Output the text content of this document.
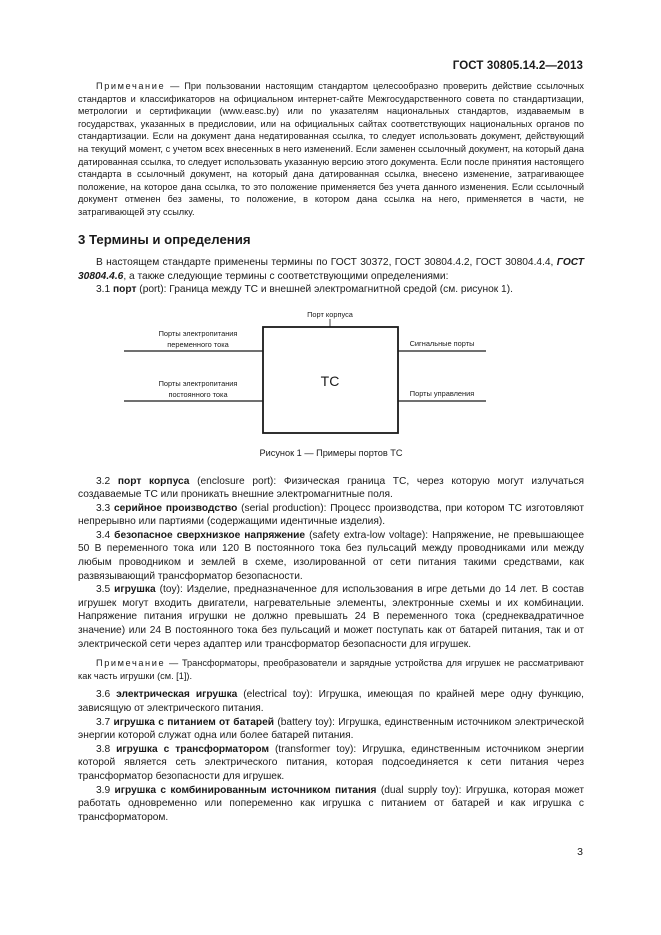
ГОСТ 30805.14.2—2013

Примечание — При пользовании настоящим стандартом целесообразно проверить действие ссылочных стандартов и классификаторов на официальном интернет-сайте Межгосударственного совета по стандартизации, метрологии и сертификации (www.easc.by) или по указателям национальных стандартов, издаваемым в государствах, указанных в предисловии, или на официальных сайтах соответствующих национальных органов по стандартизации. Если на документ дана недатированная ссылка, то следует использовать документ, действующий на текущий момент, с учетом всех внесенных в него изменений. Если заменен ссылочный документ, на который дана датированная ссылка, то следует использовать указанную версию этого документа. Если после принятия настоящего стандарта в ссылочный документ, на который дана датированная ссылка, внесено изменение, затрагивающее положение, на которое дана ссылка, то это положение применяется без учета данного изменения. Если ссылочный документ отменен без замены, то положение, в котором дана ссылка на него, применяется в части, не затрагивающей эту ссылку.

3 Термины и определения

В настоящем стандарте применены термины по ГОСТ 30372, ГОСТ 30804.4.2, ГОСТ 30804.4.4, ГОСТ 30804.4.6, а также следующие термины с соответствующими определениями:

3.1 порт (port): Граница между ТС и внешней электромагнитной средой (см. рисунок 1).

ТС
Порт корпуса
Порты электропитания
переменного тока
Порты электропитания
постоянного тока
Сигнальные порты
Порты управления

Рисунок 1 — Примеры портов ТС

3.2 порт корпуса (enclosure port): Физическая граница ТС, через которую могут излучаться создаваемые ТС или проникать внешние электромагнитные поля.

3.3 серийное производство (serial production): Процесс производства, при котором ТС изготовляют непрерывно или партиями (содержащими идентичные изделия).

3.4 безопасное сверхнизкое напряжение (safety extra-low voltage): Напряжение, не превышающее 50 В переменного тока или 120 В постоянного тока без пульсаций между проводниками или между любым проводником и землей в схеме, изолированной от сети питания такими средствами, как развязывающий трансформатор безопасности.

3.5 игрушка (toy): Изделие, предназначенное для использования в игре детьми до 14 лет. В состав игрушек могут входить двигатели, нагревательные элементы, электронные схемы и их комбинации. Напряжение питания игрушки не должно превышать 24 В переменного тока (среднеквадратичное значение) или 24 В постоянного тока без пульсаций и может поступать как от батарей питания, так и от электрической сети через адаптер или трансформатор безопасности для игрушек.

Примечание — Трансформаторы, преобразователи и зарядные устройства для игрушек не рассматривают как часть игрушки (см. [1]).

3.6 электрическая игрушка (electrical toy): Игрушка, имеющая по крайней мере одну функцию, зависящую от электрического питания.

3.7 игрушка с питанием от батарей (battery toy): Игрушка, единственным источником электрической энергии которой служат одна или более батарей питания.

3.8 игрушка с трансформатором (transformer toy): Игрушка, единственным источником энергии которой является сеть электрического питания, которая подсоединяется к сети питания через трансформатор безопасности для игрушек.

3.9 игрушка с комбинированным источником питания (dual supply toy): Игрушка, которая может работать одновременно или попеременно как игрушка с питанием от батарей и как игрушка с трансформатором.

3
